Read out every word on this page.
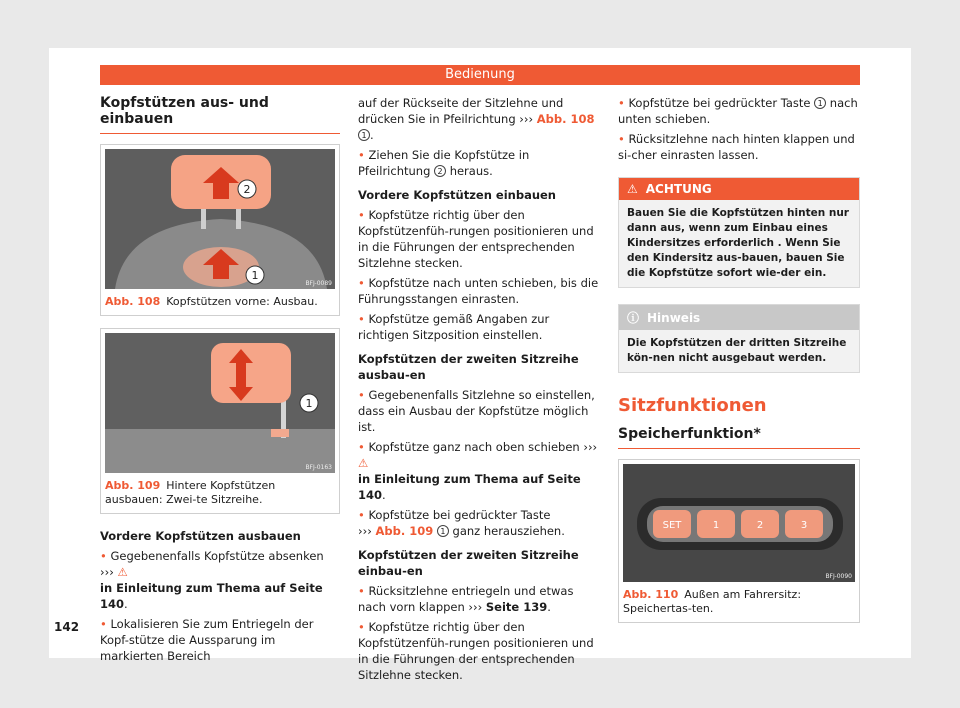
Bedienung
Kopfstützen aus- und einbauen
2
1
BFJ-0089
Abb. 108 Kopfstützen vorne: Ausbau.
1
BFJ-0163
Abb. 109 Hintere Kopfstützen ausbauen: Zwei-te Sitzreihe.
Vordere Kopfstützen ausbauen

• Gegebenenfalls Kopfstütze absenken ››› ⚠
in Einleitung zum Thema auf Seite 140.

• Lokalisieren Sie zum Entriegeln der Kopf-stütze die Aussparung im markierten Bereich

auf der Rückseite der Sitzlehne und drücken Sie in Pfeilrichtung ››› Abb. 108 1 .

• Ziehen Sie die Kopfstütze in Pfeilrichtung 2 heraus.

Vordere Kopfstützen einbauen

• Kopfstütze richtig über den Kopfstützenfüh-rungen positionieren und in die Führungen der entsprechenden Sitzlehne stecken.

• Kopfstütze nach unten schieben, bis die Führungsstangen einrasten.

• Kopfstütze gemäß Angaben zur richtigen Sitzposition einstellen.

Kopfstützen der zweiten Sitzreihe ausbau-en

• Gegebenenfalls Sitzlehne so einstellen, dass ein Ausbau der Kopfstütze möglich ist.

• Kopfstütze ganz nach oben schieben ››› ⚠
in Einleitung zum Thema auf Seite 140.

• Kopfstütze bei gedrückter Taste
››› Abb. 109 1 ganz herausziehen.

Kopfstützen der zweiten Sitzreihe einbau-en

• Rücksitzlehne entriegeln und etwas nach vorn klappen ››› Seite 139.

• Kopfstütze richtig über den Kopfstützenfüh-rungen positionieren und in die Führungen der entsprechenden Sitzlehne stecken.

• Kopfstütze bei gedrückter Taste 1 nach unten schieben.

• Rücksitzlehne nach hinten klappen und si-cher einrasten lassen.

⚠ ACHTUNG
Bauen Sie die Kopfstützen hinten nur dann aus, wenn zum Einbau eines Kindersitzes erforderlich . Wenn Sie den Kindersitz aus-bauen, bauen Sie die Kopfstütze sofort wie-der ein.
ⓘ Hinweis
Die Kopfstützen der dritten Sitzreihe kön-nen nicht ausgebaut werden.
Sitzfunktionen
Speicherfunktion*
SET	1	2	3
BFJ-0090
Abb. 110 Außen am Fahrersitz: Speichertas-ten.
142
